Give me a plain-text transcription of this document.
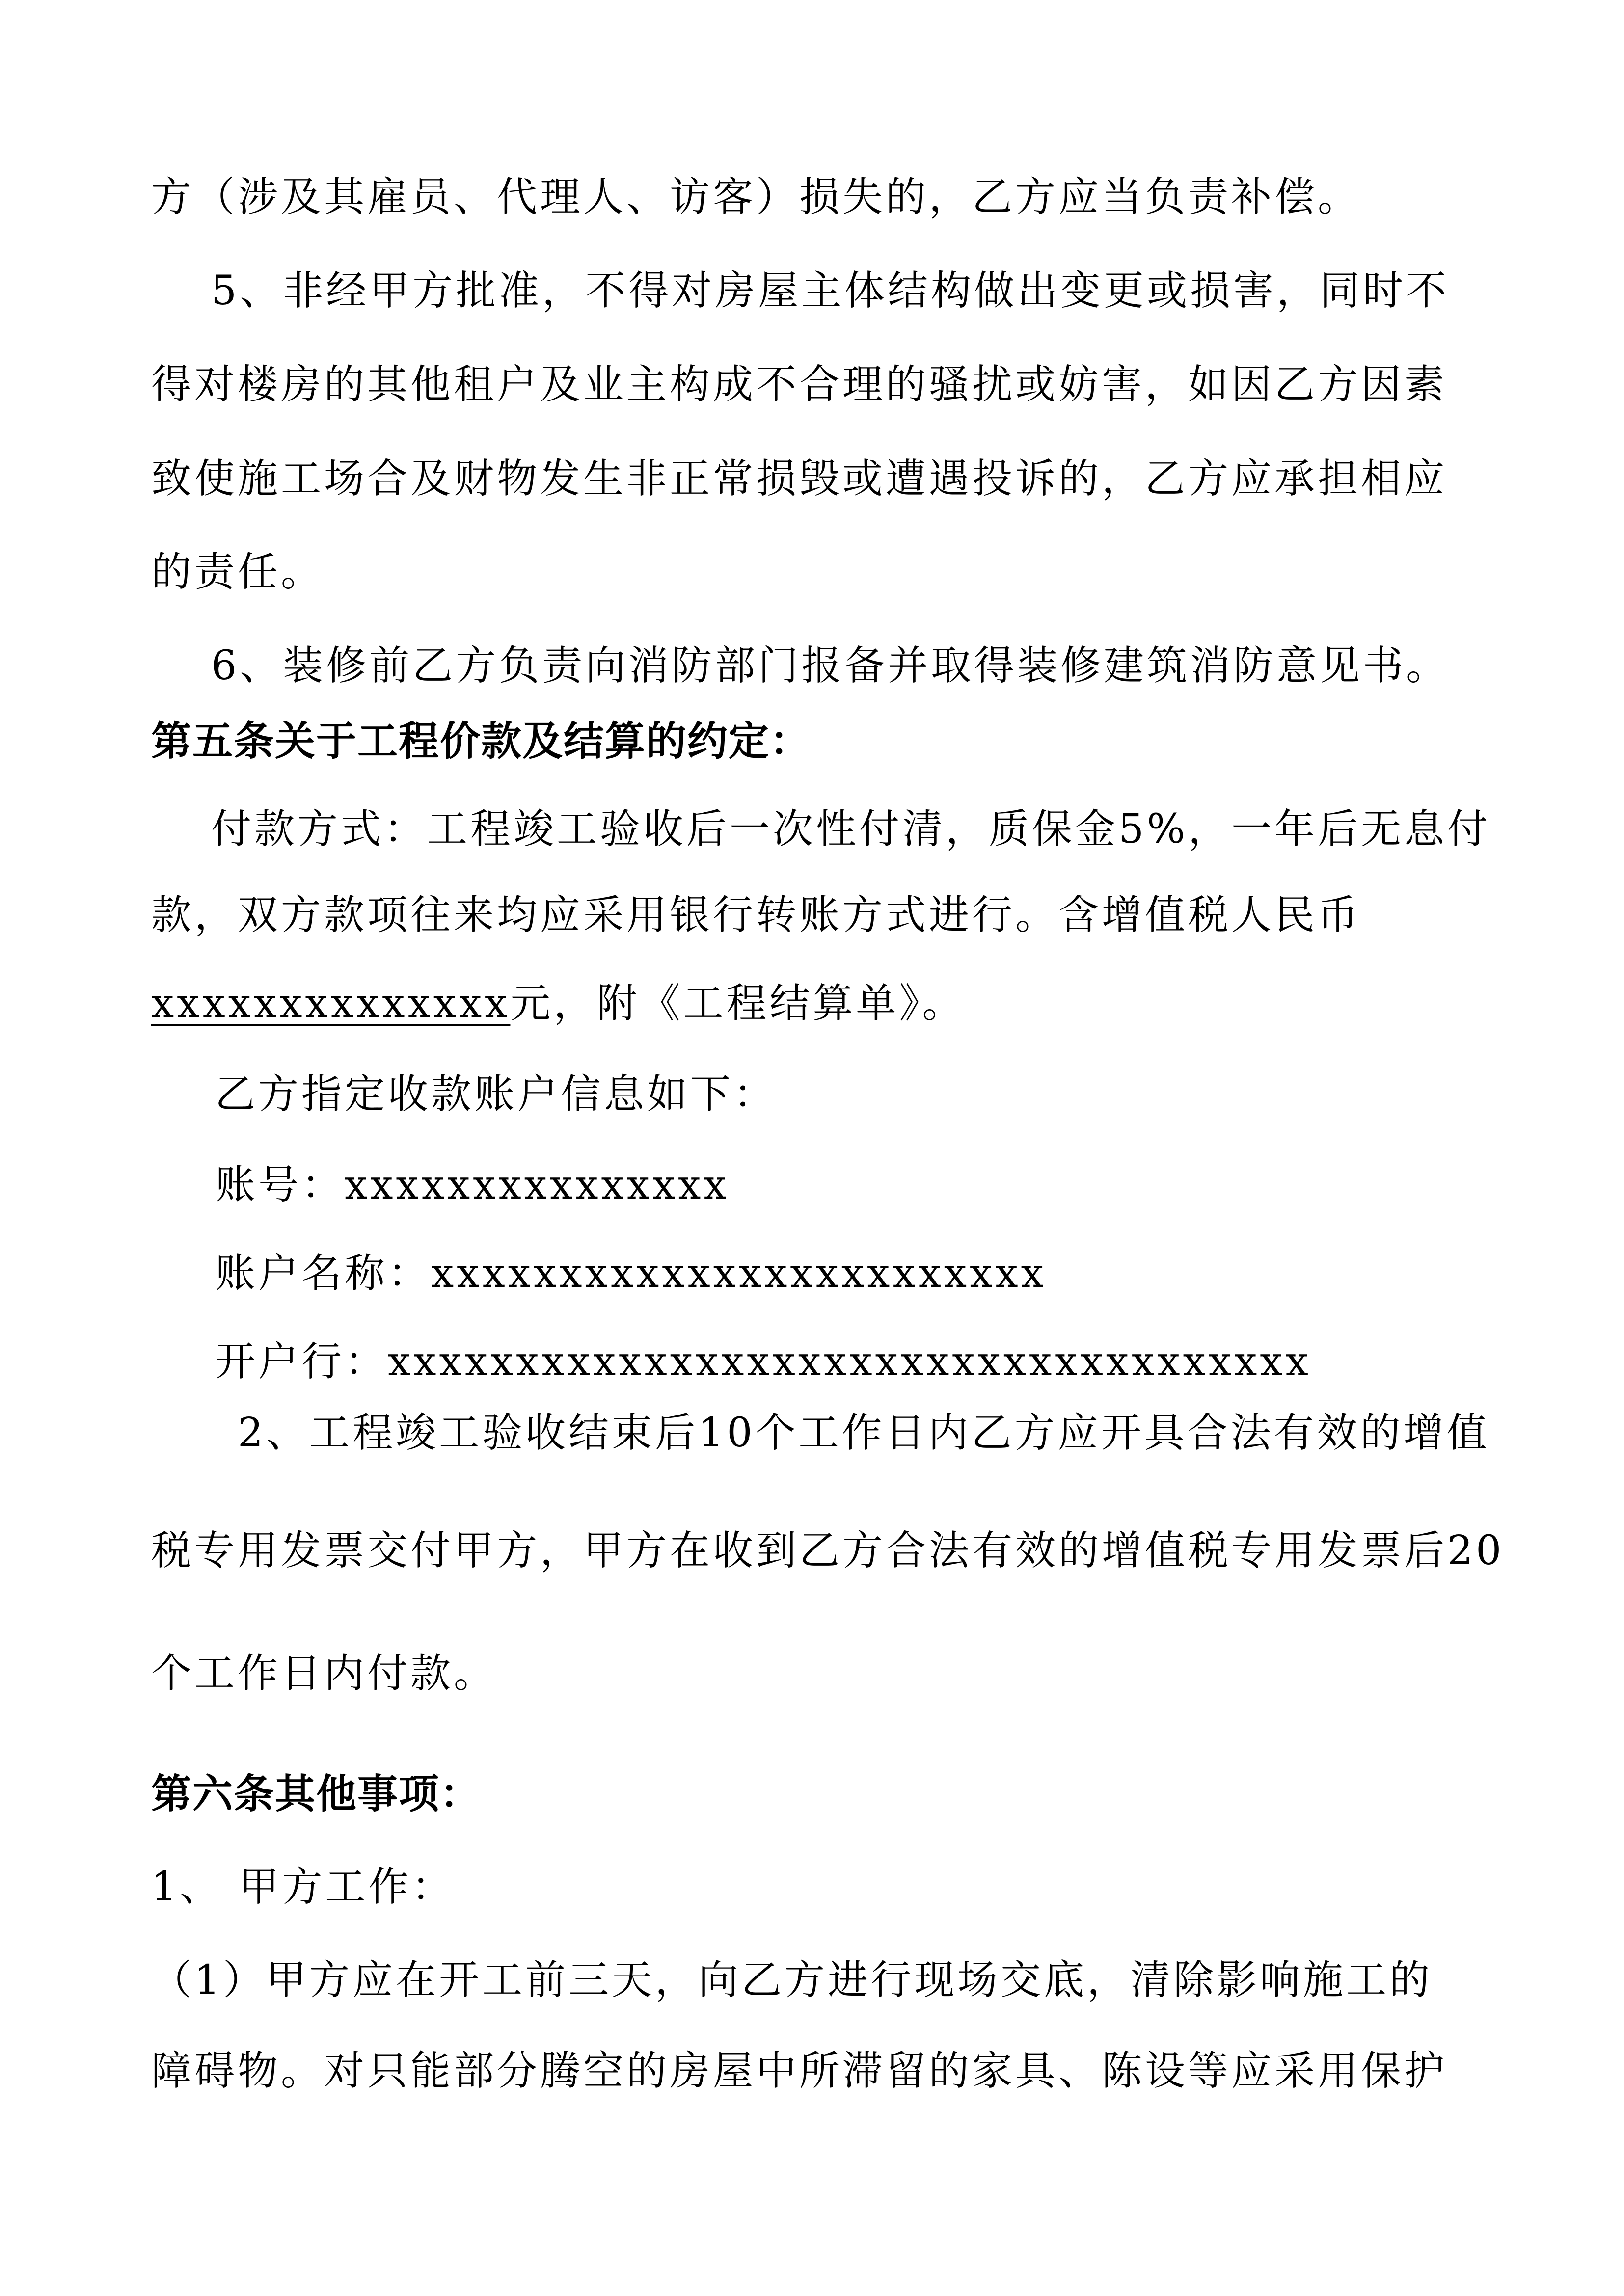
方（涉及其雇员、代理人、访客）损失的，乙方应当负责补偿。
5、非经甲方批准，不得对房屋主体结构做出变更或损害，同时不
得对楼房的其他租户及业主构成不合理的骚扰或妨害，如因乙方因素
致使施工场合及财物发生非正常损毁或遭遇投诉的，乙方应承担相应
的责任。
6、装修前乙方负责向消防部门报备并取得装修建筑消防意见书。
第五条关于工程价款及结算的约定：
付款方式：工程竣工验收后一次性付清，质保金5%，一年后无息付
款，双方款项往来均应采用银行转账方式进行。含增值税人民币
xxxxxxxxxxxxxx元，附《工程结算单》。
乙方指定收款账户信息如下：
账号：xxxxxxxxxxxxxxx
账户名称：xxxxxxxxxxxxxxxxxxxxxxxx
开户行：xxxxxxxxxxxxxxxxxxxxxxxxxxxxxxxxxxxx
2、工程竣工验收结束后10个工作日内乙方应开具合法有效的增值
税专用发票交付甲方，甲方在收到乙方合法有效的增值税专用发票后20
个工作日内付款。
第六条其他事项：
1、 甲方工作：
（1）甲方应在开工前三天，向乙方进行现场交底，清除影响施工的
障碍物。对只能部分腾空的房屋中所滞留的家具、陈设等应采用保护
